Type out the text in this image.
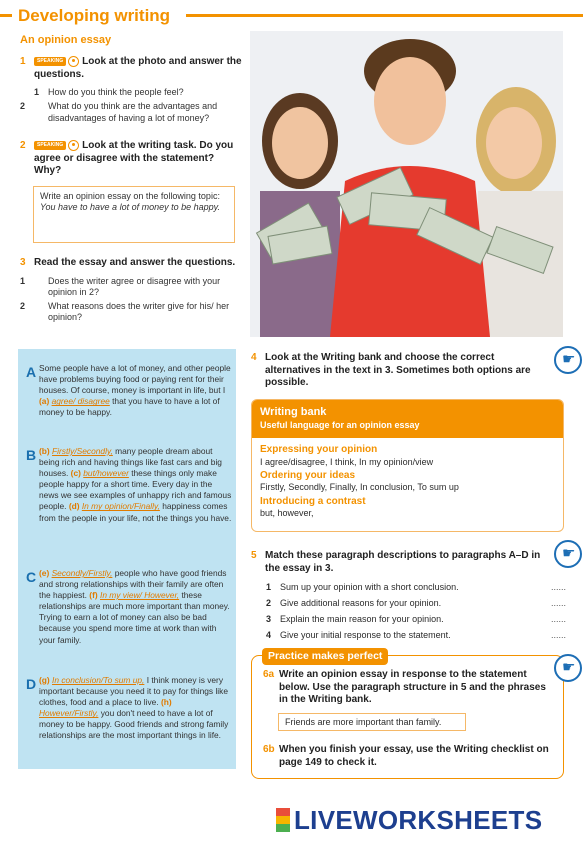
Developing writing
An opinion essay
1 SPEAKING Look at the photo and answer the questions.
1 How do you think the people feel?
2	What do you think are the advantages and disadvantages of having a lot of money?
2 SPEAKING Look at the writing task. Do you agree or disagree with the statement? Why?
Write an opinion essay on the following topic:
You have to have a lot of money to be happy.
3 Read the essay and answer the questions.
1	Does the writer agree or disagree with your opinion in 2?
2	What reasons does the writer give for his/ her opinion?
A Some people have a lot of money, and other people have problems buying food or paying rent for their houses. Of course, money is important in life, but I (a) agree/ disagree that you have to have a lot of money to be happy.
B (b) Firstly/Secondly, many people dream about being rich and having things like fast cars and big houses. (c) but/however these things only make people happy for a short time. Every day in the news we see examples of unhappy rich and famous people. (d) In my opinion/Finally, happiness comes from the people in your life, not the things you have.
C (e) Secondly/Firstly, people who have good friends and strong relationships with their family are often the happiest. (f) In my view/ However, these relationships are much more important than money. Trying to earn a lot of money can also be bad because you spend more time at work than with your family.
D (g) In conclusion/To sum up, I think money is very important because you need it to pay for things like clothes, food and a place to live. (h) However/Firstly, you don't need to have a lot of money to be happy. Good friends and strong family relationships are the most important things in life.
4 Look at the Writing bank and choose the correct alternatives in the text in 3. Sometimes both options are possible.
☛
Writing bank
Useful language for an opinion essay
Expressing your opinion
I agree/disagree, I think, In my opinion/view
Ordering your ideas
Firstly, Secondly, Finally, In conclusion, To sum up
Introducing a contrast
but, however,
5 Match these paragraph descriptions to paragraphs A–D in the essay in 3.
☛
1 Sum up your opinion with a short conclusion.	......
2 Give additional reasons for your opinion.	......
3 Explain the main reason for your opinion.	......
4 Give your initial response to the statement.	......
Practice makes perfect
☛
6a Write an opinion essay in response to the statement below. Use the paragraph structure in 5 and the phrases in the Writing bank.
Friends are more important than family.
6b When you finish your essay, use the Writing checklist on page 149 to check it.
LIVEWORKSHEETS
